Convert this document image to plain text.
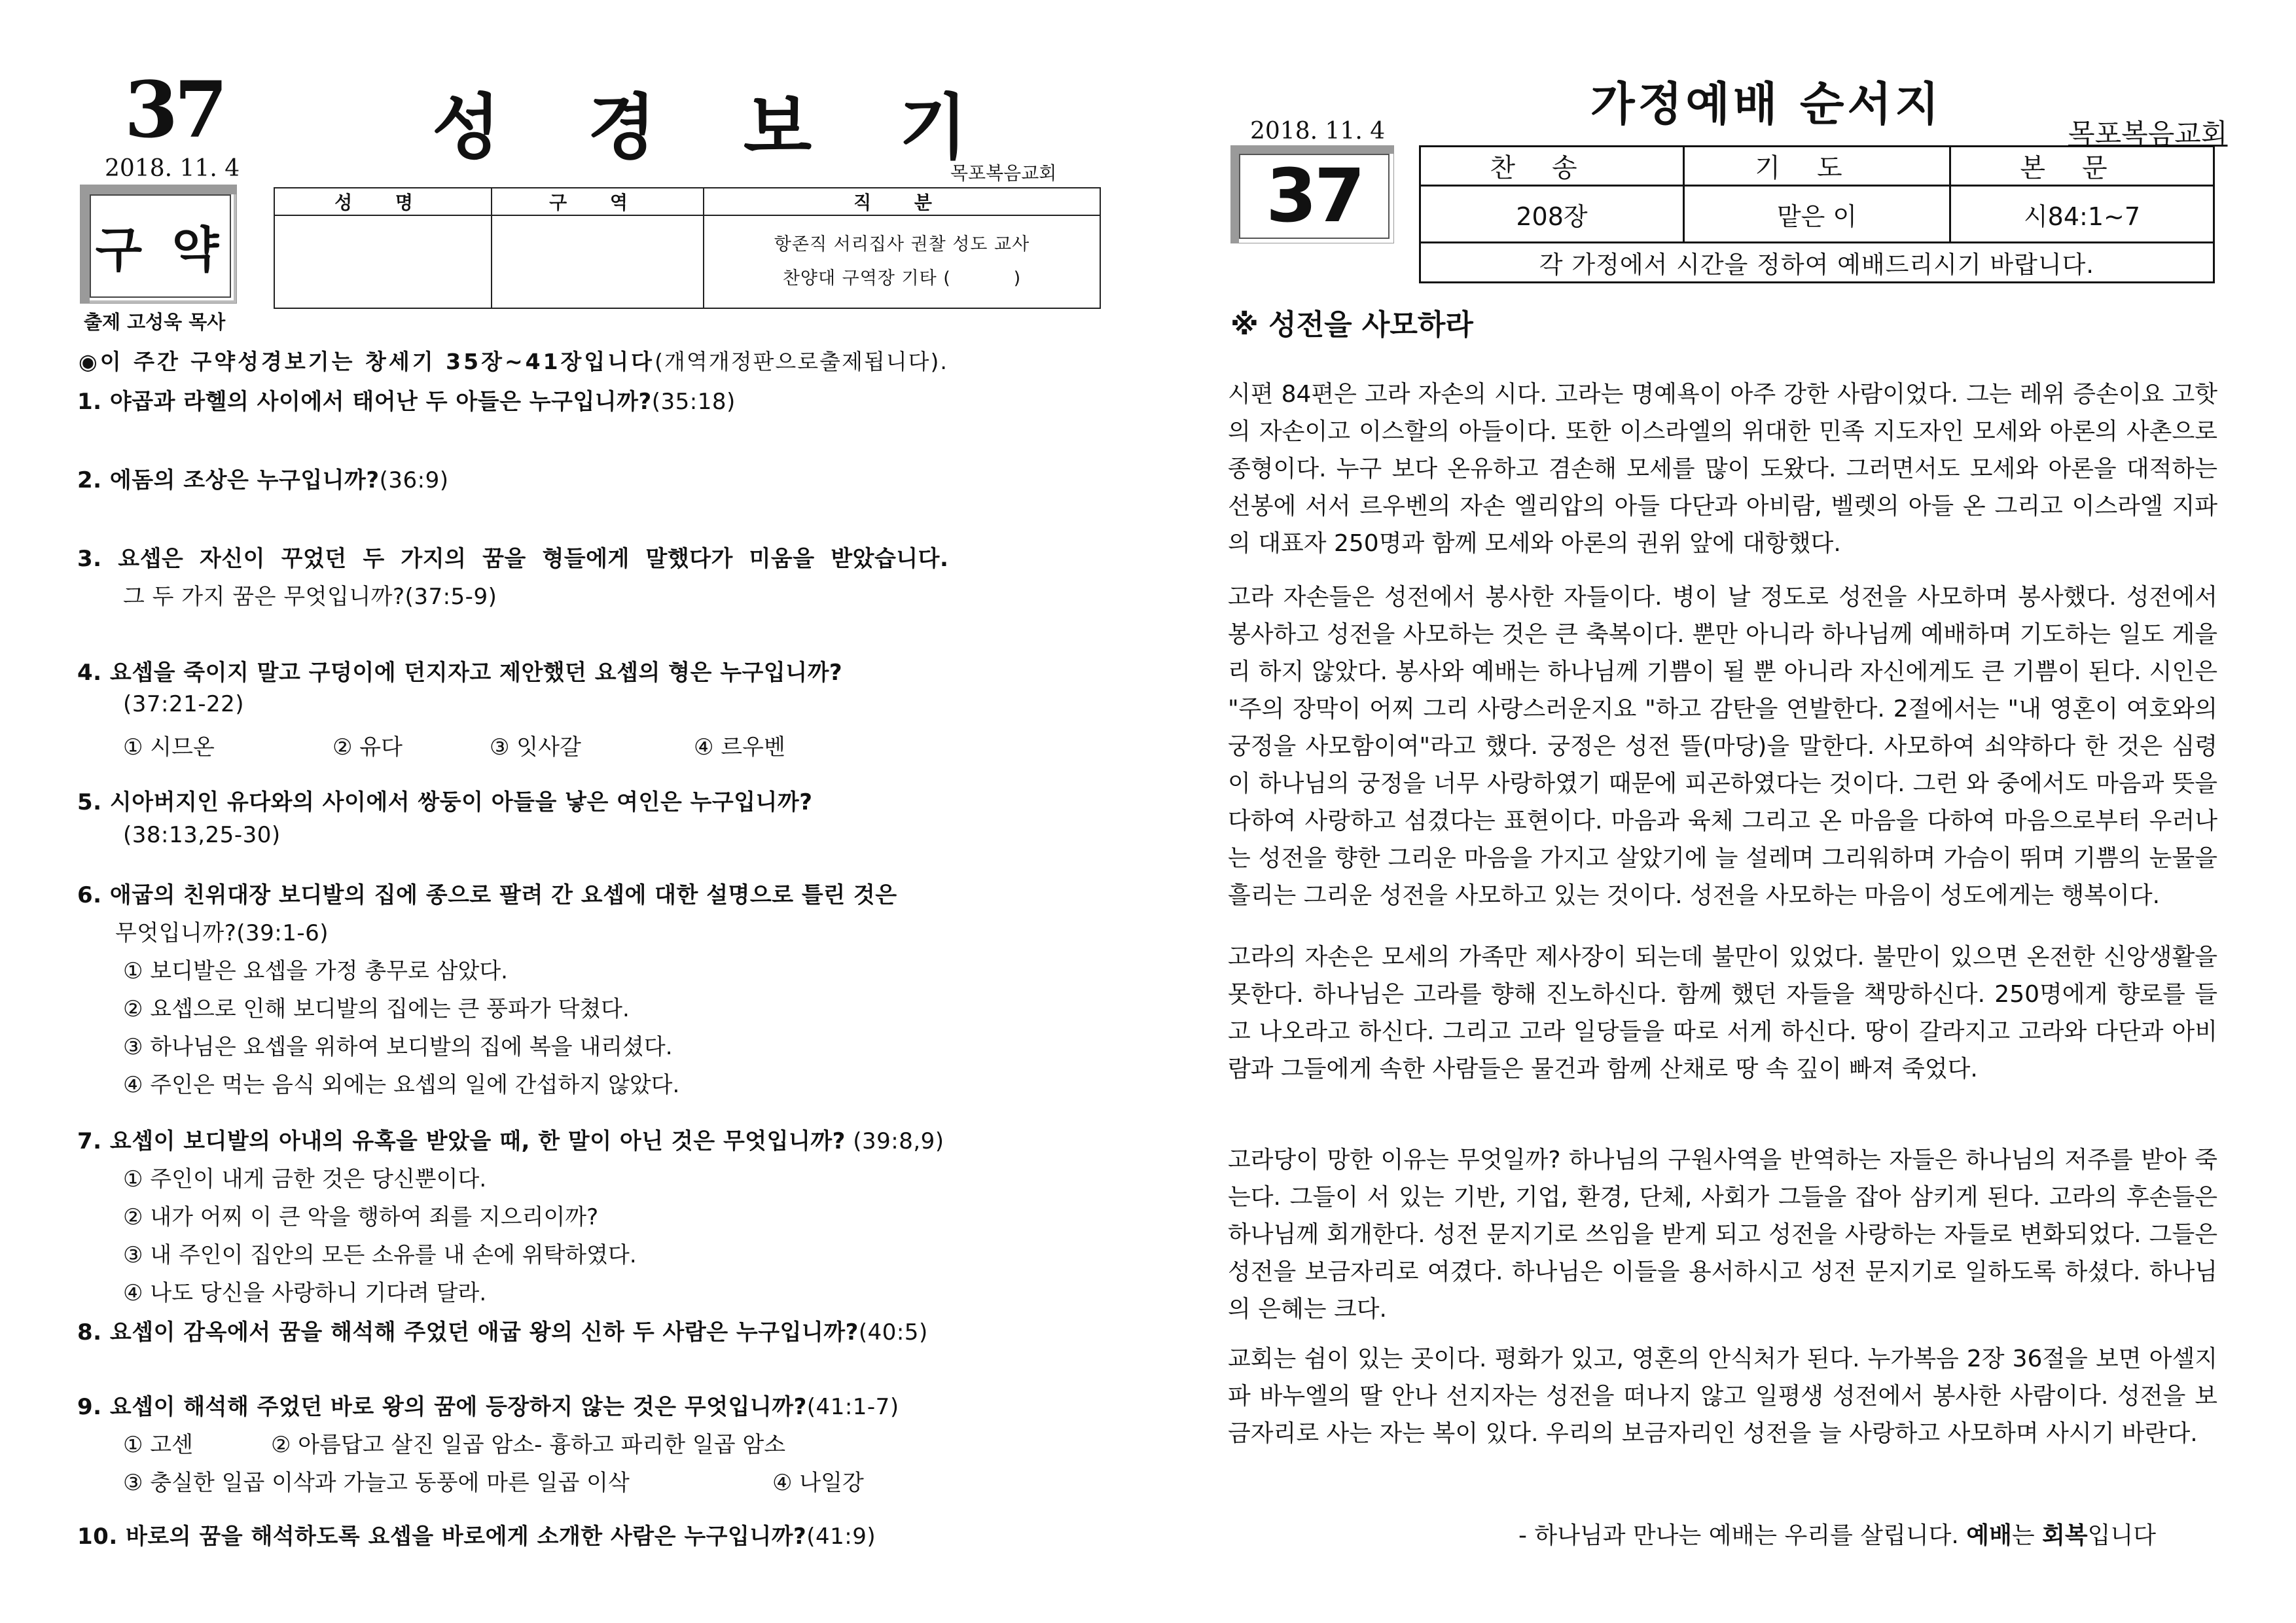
37	성 경 보 기
2018. 11. 4	목포복음교회
구 약
출제 고성욱 목사
성 명	구 역	직 분

		항존직 서리집사 권찰 성도 교사
찬양대 구역장 기타 (          )
◉이 주간 구약성경보기는 창세기 35장~41장입니다(개역개정판으로출제됩니다).
1. 야곱과 라헬의 사이에서 태어난 두 아들은 누구입니까?(35:18)
2. 에돔의 조상은 누구입니까?(36:9)
3.  요셉은  자신이  꾸었던  두  가지의  꿈을  형들에게  말했다가  미움을  받았습니다.
그 두 가지 꿈은 무엇입니까?(37:5-9)
4. 요셉을 죽이지 말고 구덩이에 던지자고 제안했던 요셉의 형은 누구입니까?
(37:21-22)
① 시므온	② 유다	③ 잇사갈	④ 르우벤
5. 시아버지인 유다와의 사이에서 쌍둥이 아들을 낳은 여인은 누구입니까?
(38:13,25-30)
6. 애굽의 친위대장 보디발의 집에 종으로 팔려 간 요셉에 대한 설명으로 틀린 것은
무엇입니까?(39:1-6)
① 보디발은 요셉을 가정 총무로 삼았다.
② 요셉으로 인해 보디발의 집에는 큰 풍파가 닥쳤다.
③ 하나님은 요셉을 위하여 보디발의 집에 복을 내리셨다.
④ 주인은 먹는 음식 외에는 요셉의 일에 간섭하지 않았다.
7. 요셉이 보디발의 아내의 유혹을 받았을 때, 한 말이 아닌 것은 무엇입니까? (39:8,9)
① 주인이 내게 금한 것은 당신뿐이다.
② 내가 어찌 이 큰 악을 행하여 죄를 지으리이까?
③ 내 주인이 집안의 모든 소유를 내 손에 위탁하였다.
④ 나도 당신을 사랑하니 기다려 달라.
8. 요셉이 감옥에서 꿈을 해석해 주었던 애굽 왕의 신하 두 사람은 누구입니까?(40:5)
9. 요셉이 해석해 주었던 바로 왕의 꿈에 등장하지 않는 것은 무엇입니까?(41:1-7)
① 고센	② 아름답고 살진 일곱 암소- 흉하고 파리한 일곱 암소
③ 충실한 일곱 이삭과 가늘고 동풍에 마른 일곱 이삭	④ 나일강
10. 바로의 꿈을 해석하도록 요셉을 바로에게 소개한 사람은 누구입니까?(41:9)
가정예배 순서지
2018. 11. 4	목포복음교회
37	찬송	기도	본문
208장	맡은 이	시84:1~7
각 가정에서 시간을 정하여 예배드리시기 바랍니다.		
※ 성전을 사모하라
시편 84편은 고라 자손의 시다. 고라는 명예욕이 아주 강한 사람이었다. 그는 레위 증손이요 고핫의 자손이고 이스할의 아들이다. 또한 이스라엘의 위대한 민족 지도자인 모세와 아론의 사촌으로 종형이다. 누구 보다 온유하고 겸손해 모세를 많이 도왔다. 그러면서도 모세와 아론을 대적하는 선봉에 서서 르우벤의 자손 엘리압의 아들 다단과 아비람, 벨렛의 아들 온 그리고 이스라엘 지파의 대표자 250명과 함께 모세와 아론의 권위 앞에 대항했다.
고라 자손들은 성전에서 봉사한 자들이다. 병이 날 정도로 성전을 사모하며 봉사했다. 성전에서 봉사하고 성전을 사모하는 것은 큰 축복이다. 뿐만 아니라 하나님께 예배하며 기도하는 일도 게을리 하지 않았다. 봉사와 예배는 하나님께 기쁨이 될 뿐 아니라 자신에게도 큰 기쁨이 된다. 시인은 "주의 장막이 어찌 그리 사랑스러운지요 "하고 감탄을 연발한다. 2절에서는 "내 영혼이 여호와의 궁정을 사모함이여"라고 했다. 궁정은 성전 뜰(마당)을 말한다. 사모하여 쇠약하다 한 것은 심령이 하나님의 궁정을 너무 사랑하였기 때문에 피곤하였다는 것이다. 그런 와 중에서도 마음과 뜻을 다하여 사랑하고 섬겼다는 표현이다. 마음과 육체 그리고 온 마음을 다하여 마음으로부터 우러나는 성전을 향한 그리운 마음을 가지고 살았기에 늘 설레며 그리워하며 가슴이 뛰며 기쁨의 눈물을 흘리는 그리운 성전을 사모하고 있는 것이다. 성전을 사모하는 마음이 성도에게는 행복이다.
고라의 자손은 모세의 가족만 제사장이 되는데 불만이 있었다. 불만이 있으면 온전한 신앙생활을 못한다. 하나님은 고라를 향해 진노하신다. 함께 했던 자들을 책망하신다. 250명에게 향로를 들고 나오라고 하신다. 그리고 고라 일당들을 따로 서게 하신다. 땅이 갈라지고 고라와 다단과 아비람과 그들에게 속한 사람들은 물건과 함께 산채로 땅 속 깊이 빠져 죽었다.
고라당이 망한 이유는 무엇일까? 하나님의 구원사역을 반역하는 자들은 하나님의 저주를 받아 죽는다. 그들이 서 있는 기반, 기업, 환경, 단체, 사회가 그들을 잡아 삼키게 된다. 고라의 후손들은 하나님께 회개한다. 성전 문지기로 쓰임을 받게 되고 성전을 사랑하는 자들로 변화되었다. 그들은 성전을 보금자리로 여겼다. 하나님은 이들을 용서하시고 성전 문지기로 일하도록 하셨다. 하나님의 은혜는 크다.
교회는 쉼이 있는 곳이다. 평화가 있고, 영혼의 안식처가 된다. 누가복음 2장 36절을 보면 아셀지파 바누엘의 딸 안나 선지자는 성전을 떠나지 않고 일평생 성전에서 봉사한 사람이다. 성전을 보금자리로 사는 자는 복이 있다. 우리의 보금자리인 성전을 늘 사랑하고 사모하며 사시기 바란다.
- 하나님과 만나는 예배는 우리를 살립니다. 예배는 회복입니다
